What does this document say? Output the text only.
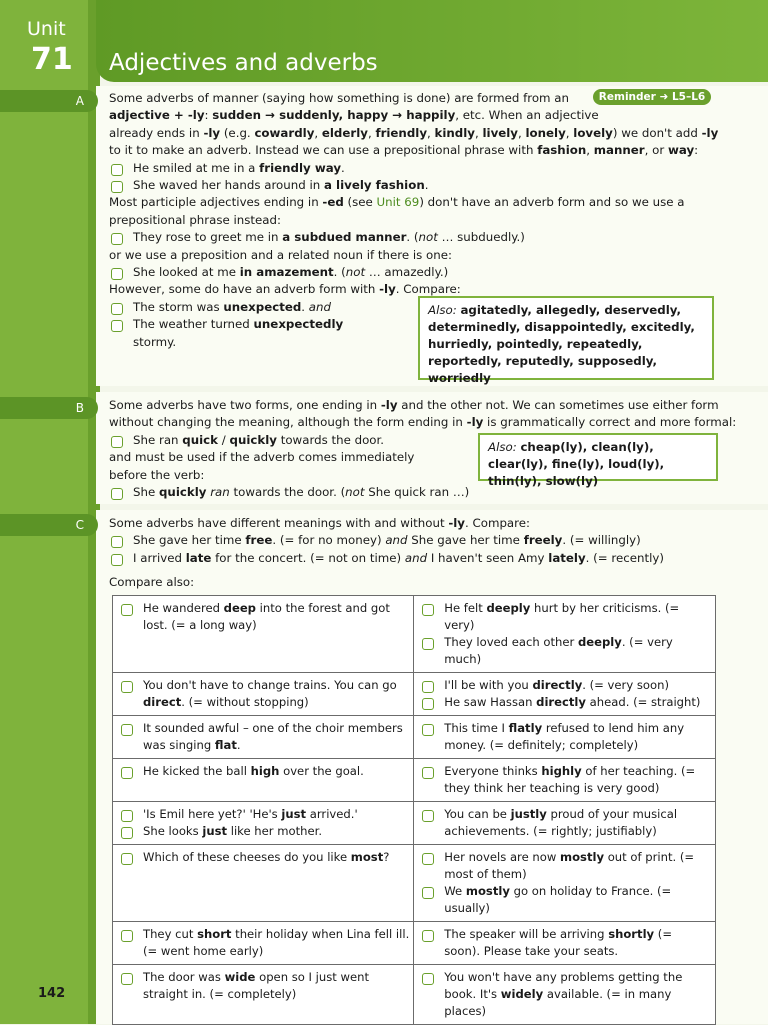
Unit
71 Adjectives and adverbs
A
B
C
Reminder ➜ L5–L6
Some adverbs of manner (saying how something is done) are formed from an
adjective + -ly: sudden → suddenly, happy → happily, etc. When an adjective
already ends in -ly (e.g. cowardly, elderly, friendly, kindly, lively, lonely, lovely) we don't add -ly
to it to make an adverb. Instead we can use a prepositional phrase with fashion, manner, or way:
He smiled at me in a friendly way.
She waved her hands around in a lively fashion.
Most participle adjectives ending in -ed (see Unit 69) don't have an adverb form and so we use a
prepositional phrase instead:
They rose to greet me in a subdued manner. (not … subduedly.)
or we use a preposition and a related noun if there is one:
She looked at me in amazement. (not … amazedly.)
However, some do have an adverb form with -ly. Compare:
The storm was unexpected. and
The weather turned unexpectedly
stormy.
Also: agitatedly, allegedly, deservedly, determinedly, disappointedly, excitedly, hurriedly, pointedly, repeatedly, reportedly, reputedly, supposedly, worriedly
Some adverbs have two forms, one ending in -ly and the other not. We can sometimes use either form
without changing the meaning, although the form ending in -ly is grammatically correct and more formal:
She ran quick / quickly towards the door.
and must be used if the adverb comes immediately
before the verb:
She quickly ran towards the door. (not She quick ran …)
Also: cheap(ly), clean(ly), clear(ly), fine(ly), loud(ly), thin(ly), slow(ly)
Some adverbs have different meanings with and without -ly. Compare:
She gave her time free. (= for no money) and She gave her time freely. (= willingly)
I arrived late for the concert. (= not on time) and I haven't seen Amy lately. (= recently)
Compare also:
He wandered deep into the forest and got lost. (= a long way)	He felt deeply hurt by her criticisms. (= very)
They loved each other deeply. (= very much)

You don't have to change trains. You can go direct. (= without stopping)	I'll be with you directly. (= very soon)
He saw Hassan directly ahead. (= straight)

It sounded awful – one of the choir members was singing flat.	This time I flatly refused to lend him any money. (= definitely; completely)

He kicked the ball high over the goal.	Everyone thinks highly of her teaching. (= they think her teaching is very good)

'Is Emil here yet?' 'He's just arrived.'
She looks just like her mother.	You can be justly proud of your musical achievements. (= rightly; justifiably)

Which of these cheeses do you like most?	Her novels are now mostly out of print. (= most of them)
We mostly go on holiday to France. (= usually)

They cut short their holiday when Lina fell ill. (= went home early)	The speaker will be arriving shortly (= soon). Please take your seats.

The door was wide open so I just went straight in. (= completely)	You won't have any problems getting the book. It's widely available. (= in many places)
142
